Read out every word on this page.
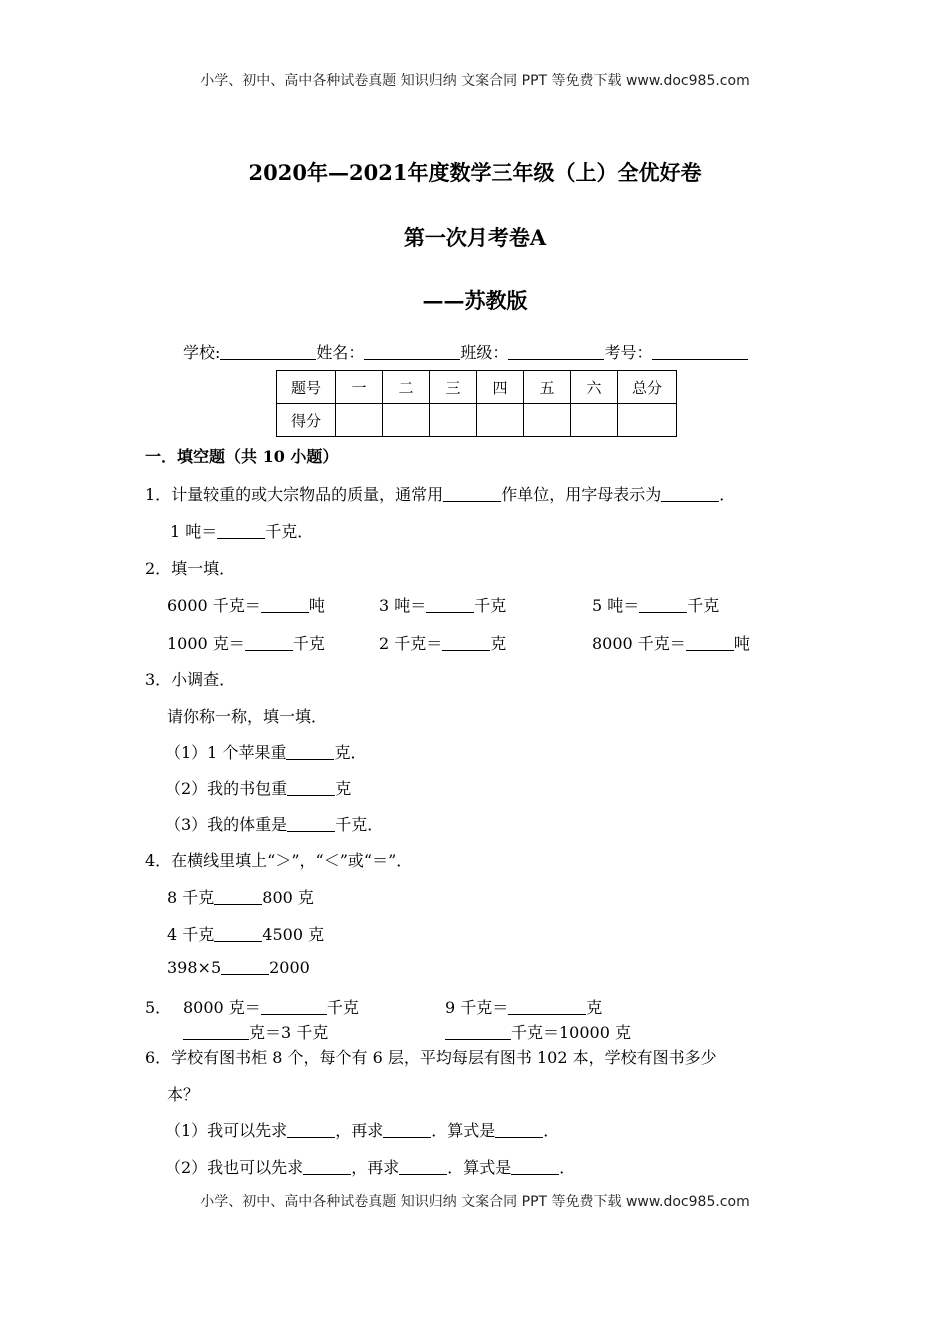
小学、初中、高中各种试卷真题 知识归纳 文案合同 PPT 等免费下载 www.doc985.com
2020年—2021年度数学三年级（上）全优好卷
第一次月考卷A
——苏教版
学校:	姓名：	班级：	考号：
题号	一	二	三	四	五	六	总分
得分							
一．填空题（共 10 小题）
1．计量较重的或大宗物品的质量，通常用	作单位，用字母表示为	．
1 吨＝	千克．
2．填一填．
6000 千克＝	吨	3 吨＝	千克	5 吨＝	千克
1000 克＝	千克	2 千克＝	克	8000 千克＝	吨
3．小调查．
请你称一称，填一填．
（1）1 个苹果重	克．
（2）我的书包重	克
（3）我的体重是	千克．
4．在横线里填上“＞”，“＜”或“＝”．
8 千克	800 克
4 千克	4500 克
398×5	2000
5． 8000 克＝	千克	9 千克＝	克
克＝3 千克	千克＝10000 克
6．学校有图书柜 8 个，每个有 6 层，平均每层有图书 102 本，学校有图书多少
本？
（1）我可以先求	，再求	．算式是	．
（2）我也可以先求	，再求	．算式是	．
小学、初中、高中各种试卷真题 知识归纳 文案合同 PPT 等免费下载 www.doc985.com
